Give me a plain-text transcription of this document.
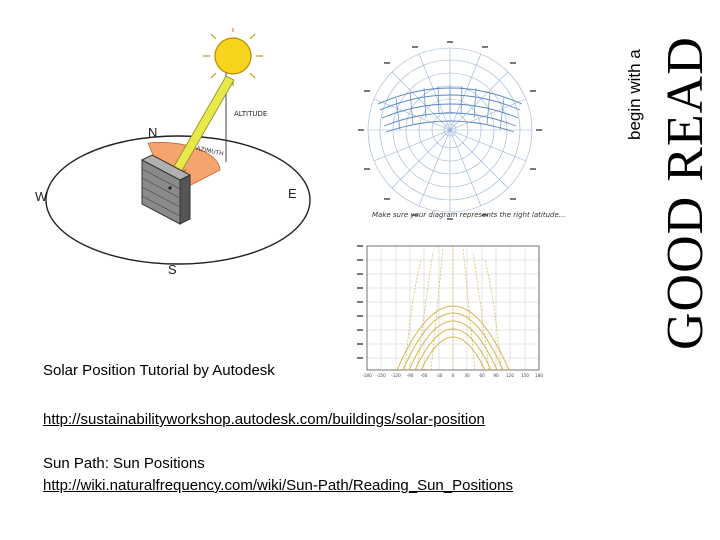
AZIMUTH
ALTITUDE
N
W	E
S
Make sure your diagram represents the right latitude...
-180 -150 -120 -90 -60 -30 0 30 60 90 120 150 180
GOOD READ
begin with a
Solar Position Tutorial by Autodesk
http://sustainabilityworkshop.autodesk.com/buildings/solar-position
Sun Path: Sun Positions
http://wiki.naturalfrequency.com/wiki/Sun-Path/Reading_Sun_Positions
